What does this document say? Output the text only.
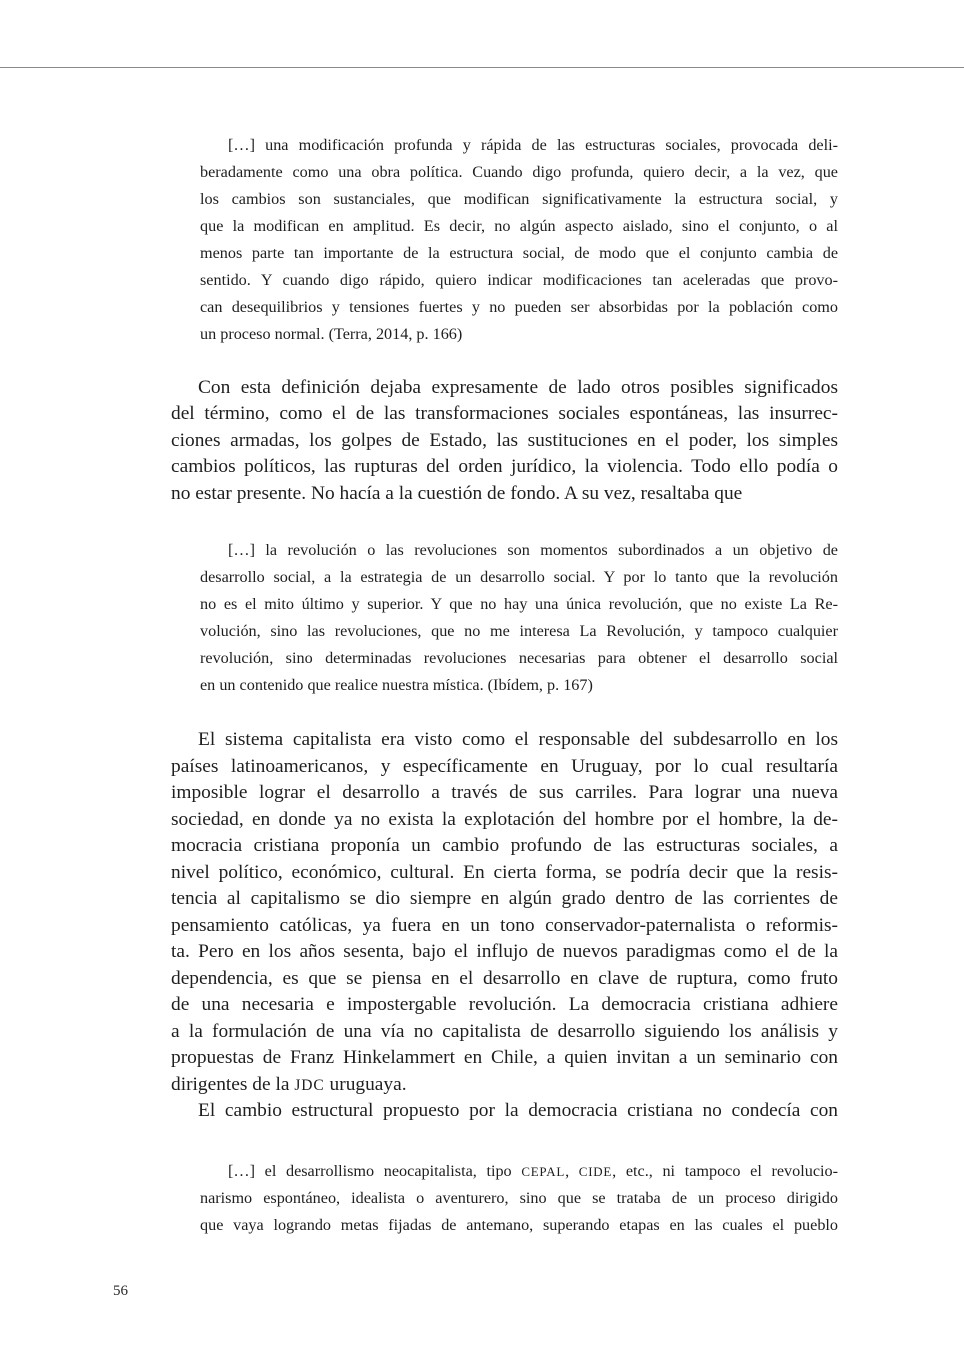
[…] una modificación profunda y rápida de las estructuras sociales, provocada deli-

beradamente como una obra política. Cuando digo profunda, quiero decir, a la vez, que

los cambios son sustanciales, que modifican significativamente la estructura social, y

que la modifican en amplitud. Es decir, no algún aspecto aislado, sino el conjunto, o al

menos parte tan importante de la estructura social, de modo que el conjunto cambia de

sentido. Y cuando digo rápido, quiero indicar modificaciones tan aceleradas que provo-

can desequilibrios y tensiones fuertes y no pueden ser absorbidas por la población como

un proceso normal. (Terra, 2014, p. 166)

Con esta definición dejaba expresamente de lado otros posibles significados

del término, como el de las transformaciones sociales espontáneas, las insurrec-

ciones armadas, los golpes de Estado, las sustituciones en el poder, los simples

cambios políticos, las rupturas del orden jurídico, la violencia. Todo ello podía o

no estar presente. No hacía a la cuestión de fondo. A su vez, resaltaba que

[…] la revolución o las revoluciones son momentos subordinados a un objetivo de

desarrollo social, a la estrategia de un desarrollo social. Y por lo tanto que la revolución

no es el mito último y superior. Y que no hay una única revolución, que no existe La Re-

volución, sino las revoluciones, que no me interesa La Revolución, y tampoco cualquier

revolución, sino determinadas revoluciones necesarias para obtener el desarrollo social

en un contenido que realice nuestra mística. (Ibídem, p. 167)

El sistema capitalista era visto como el responsable del subdesarrollo en los

países latinoamericanos, y específicamente en Uruguay, por lo cual resultaría

imposible lograr el desarrollo a través de sus carriles. Para lograr una nueva

sociedad, en donde ya no exista la explotación del hombre por el hombre, la de-

mocracia cristiana proponía un cambio profundo de las estructuras sociales, a

nivel político, económico, cultural. En cierta forma, se podría decir que la resis-

tencia al capitalismo se dio siempre en algún grado dentro de las corrientes de

pensamiento católicas, ya fuera en un tono conservador-paternalista o reformis-

ta. Pero en los años sesenta, bajo el influjo de nuevos paradigmas como el de la

dependencia, es que se piensa en el desarrollo en clave de ruptura, como fruto

de una necesaria e impostergable revolución. La democracia cristiana adhiere

a la formulación de una vía no capitalista de desarrollo siguiendo los análisis y

propuestas de Franz Hinkelammert en Chile, a quien invitan a un seminario con

dirigentes de la JDC uruguaya.

El cambio estructural propuesto por la democracia cristiana no condecía con

[…] el desarrollismo neocapitalista, tipo CEPAL, CIDE, etc., ni tampoco el revolucio-

narismo espontáneo, idealista o aventurero, sino que se trataba de un proceso dirigido

que vaya logrando metas fijadas de antemano, superando etapas en las cuales el pueblo

56
